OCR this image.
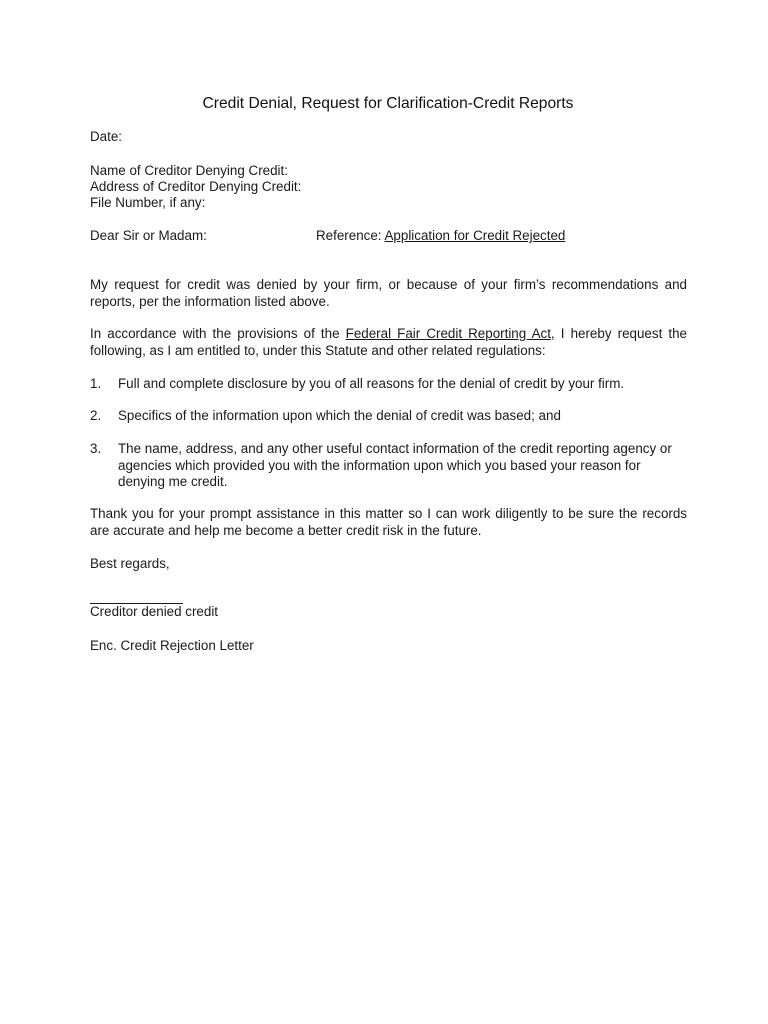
Credit Denial, Request for Clarification-Credit Reports
Date:
Name of Creditor Denying Credit:
Address of Creditor Denying Credit:
File Number, if any:
Dear Sir or Madam:	Reference: Application for Credit Rejected
My request for credit was denied by your firm, or because of your firm’s recommendations and reports, per the information listed above.
In accordance with the provisions of the Federal Fair Credit Reporting Act, I hereby request the following, as I am entitled to, under this Statute and other related regulations:
1. Full and complete disclosure by you of all reasons for the denial of credit by your firm.
2. Specifics of the information upon which the denial of credit was based; and
3. The name, address, and any other useful contact information of the credit reporting agency or agencies which provided you with the information upon which you based your reason for denying me credit.
Thank you for your prompt assistance in this matter so I can work diligently to be sure the records are accurate and help me become a better credit risk in the future.
Best regards,
Creditor denied credit
Enc. Credit Rejection Letter
